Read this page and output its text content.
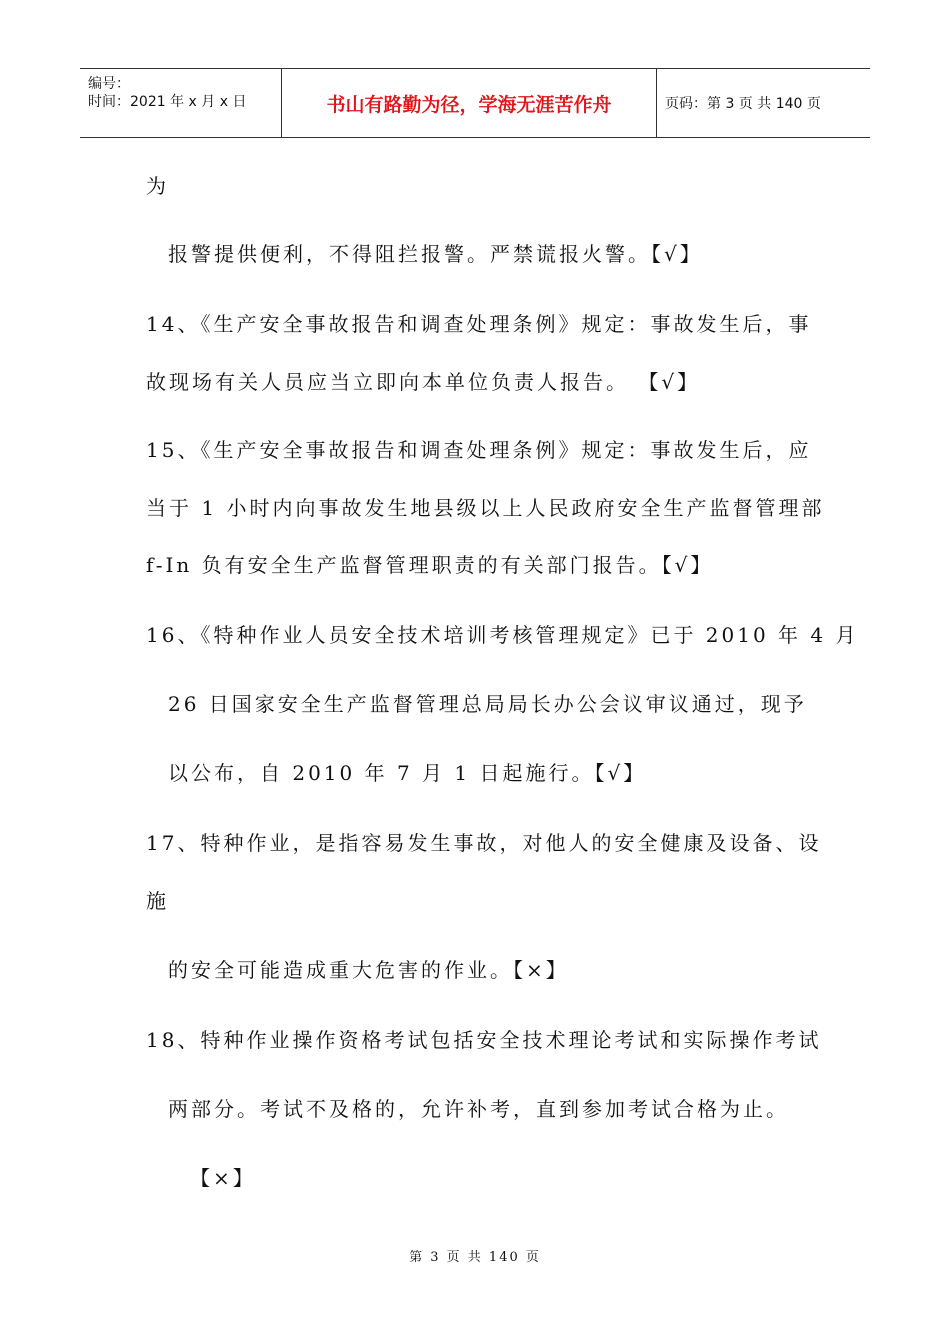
编号：
时间：2021 年 x 月 x 日	书山有路勤为径，学海无涯苦作舟	页码：第 3 页 共 140 页
为
报警提供便利，不得阻拦报警。严禁谎报火警。【√】
14、《生产安全事故报告和调查处理条例》规定：事故发生后，事
故现场有关人员应当立即向本单位负责人报告。 【√】
15、《生产安全事故报告和调查处理条例》规定：事故发生后，应
当于 1 小时内向事故发生地县级以上人民政府安全生产监督管理部
f-In 负有安全生产监督管理职责的有关部门报告。【√】
16、《特种作业人员安全技术培训考核管理规定》已于 2010 年 4 月
26 日国家安全生产监督管理总局局长办公会议审议通过，现予
以公布，自 2010 年 7 月 1 日起施行。【√】
17、特种作业，是指容易发生事故，对他人的安全健康及设备、设
施
的安全可能造成重大危害的作业。【×】
18、特种作业操作资格考试包括安全技术理论考试和实际操作考试
两部分。考试不及格的，允许补考，直到参加考试合格为止。
【×】
第 3 页 共 140 页
